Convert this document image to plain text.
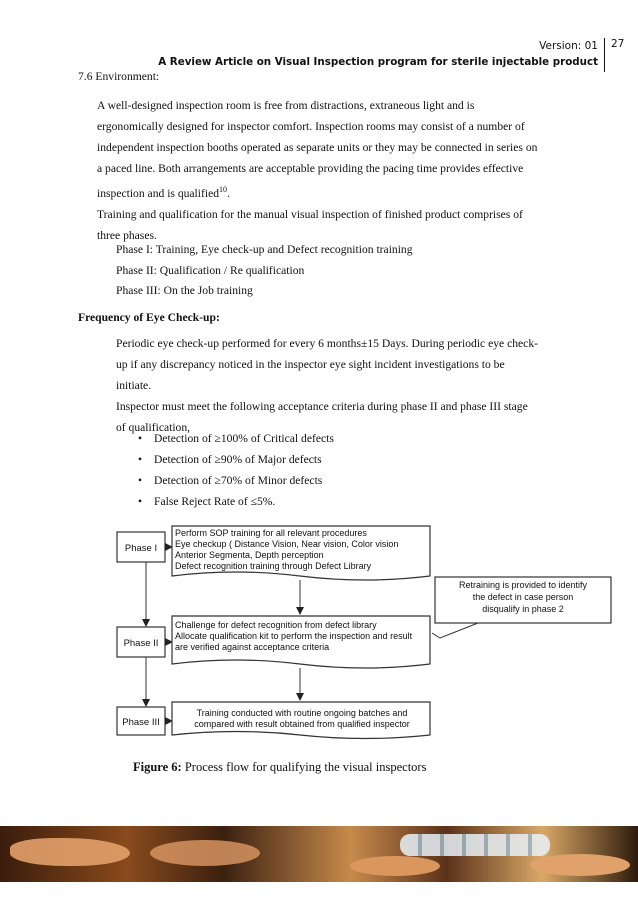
Version: 01
A Review Article on Visual Inspection program for sterile injectable product
27

7.6 Environment:

A well-designed inspection room is free from distractions, extraneous light and is
ergonomically designed for inspector comfort. Inspection rooms may consist of a number of
independent inspection booths operated as separate units or they may be connected in series on
a paced line. Both arrangements are acceptable providing the pacing time provides effective
inspection and is qualified$^{10}$.
Training and qualification for the manual visual inspection of finished product comprises of
three phases.
Phase I: Training, Eye check-up and Defect recognition training
Phase II: Qualification / Re qualification
Phase III: On the Job training

Frequency of Eye Check-up:

Periodic eye check-up performed for every 6 months±15 Days. During periodic eye check-
up if any discrepancy noticed in the inspector eye sight incident investigations to be
initiate.
Inspector must meet the following acceptance criteria during phase II and phase III stage
of qualification,
• Detection of ≥100% of Critical defects
• Detection of ≥90% of Major defects
• Detection of ≥70% of Minor defects
• False Reject Rate of ≤5%.
Phase I
Perform SOP training for all relevant procedures
Eye checkup ( Distance Vision, Near vision, Color vision
Anterior Segmenta, Depth perception
Defect recognition training through Defect Library
Retraining is provided to identify
the defect in case person
disqualify in phase 2
Phase II
Challenge for defect recognition from defect library
Allocate qualification kit to perform the inspection and result
are verified against acceptance criteria
Phase III
Training conducted with routine ongoing batches and
compared with result obtained from qualified inspector
Figure 6: Process flow for qualifying the visual inspectors
